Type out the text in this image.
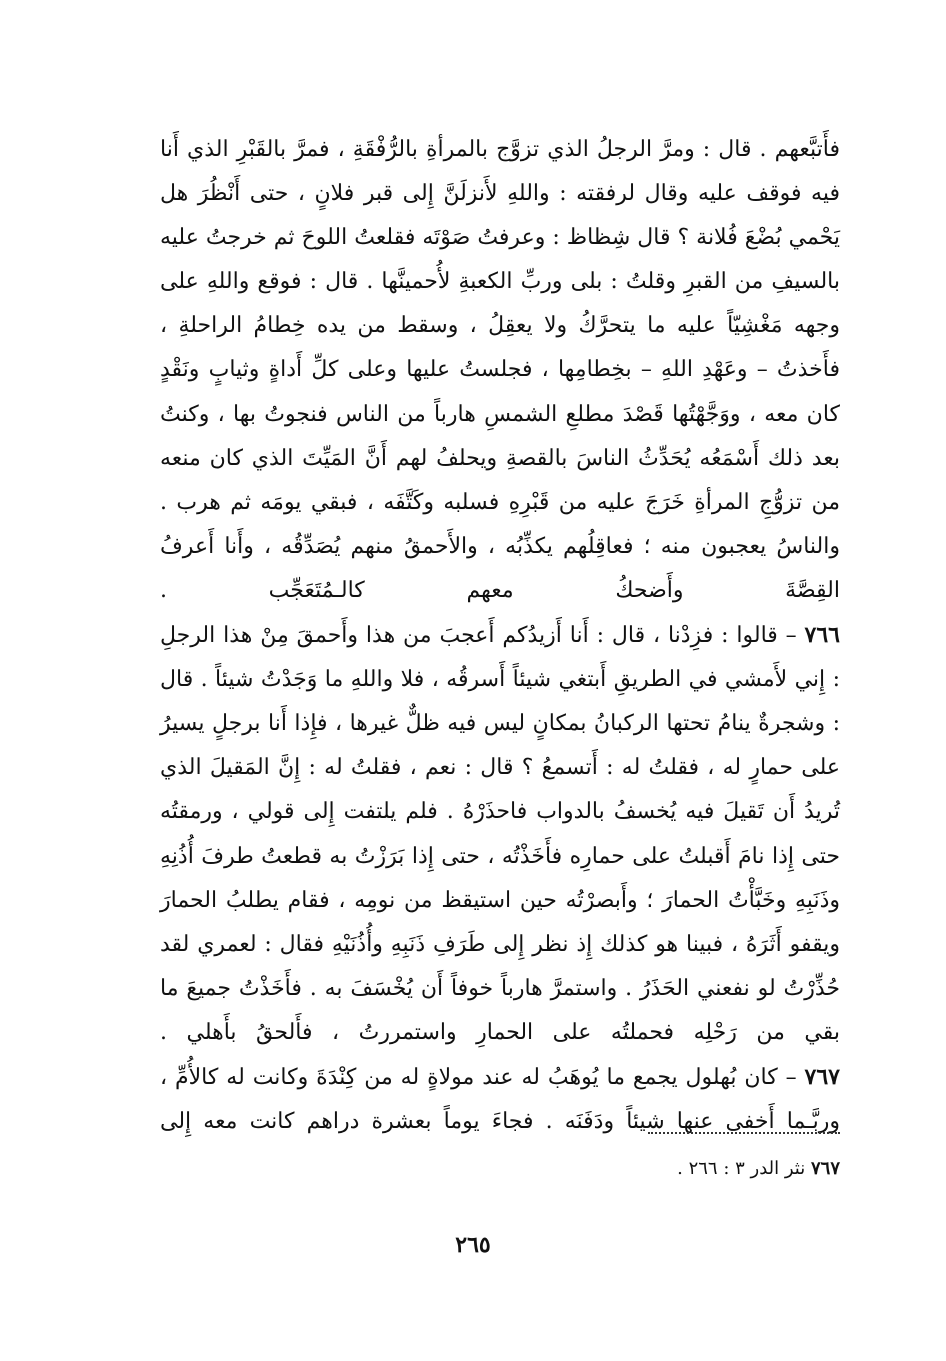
فأَتبَّعهم . قال : ومرَّ الرجلُ الذي تزوَّج بالمرأةِ بالرُّفْقَةِ ، فمرَّ بالقَبْرِ الذي أَنا فيه فوقف عليه وقال لرفقته : واللهِ لأَنزلَنَّ إِلى قبر فلانٍ ، حتى أَنْظُرَ هل يَحْمي بُضْعَ فُلانة ؟ قال شِظاظ : وعرفتُ صَوْتَه فقلعتُ اللوحَ ثم خرجتُ عليه بالسيفِ من القبرِ وقلتُ : بلى وربِّ الكعبةِ لأُحمينَّها . قال : فوقع واللهِ على وجهه مَغْشِيّاً عليه ما يتحرَّكُ ولا يعقِلُ ، وسقط من يده خِطامُ الراحلةِ ، فأَخذتُ – وعَهْدِ اللهِ – بخِطامِها ، فجلستُ عليها وعلى كلِّ أَداةٍ وثيابٍ ونَقْدٍ كان معه ، ووَجَّهْتُها قَصْدَ مطلعِ الشمسِ هارباً من الناس فنجوتُ بها ، وكنتُ بعد ذلك أَسْمَعُه يُحَدِّثُ الناسَ بالقصةِ ويحلفُ لهم أَنَّ المَيِّتَ الذي كان منعه من تزوُّجِ المرأةِ خَرَجَ عليه من قَبْرِهِ فسلبه وكَتَّفَه ، فبقي يومَه ثم هرب . والناسُ يعجبون منه ؛ فعاقِلُهم يكذِّبُه ، والأَحمقُ منهم يُصَدِّقُه ، وأَنا أَعرفُ القِصَّةَ وأَضحكُ معهم كالـمُتَعَجِّب .

٧٦٦ – قالوا : فزِدْنا ، قال : أَنا أَزيدُكم أَعجبَ من هذا وأَحمقَ مِنْ هذا الرجلِ : إِني لأَمشي في الطريقِ أَبتغي شيئاً أَسرقُه ، فلا واللهِ ما وَجَدْتُ شيئاً . قال : وشجرةٌ ينامُ تحتها الركبانُ بمكانٍ ليس فيه ظلٌّ غيرها ، فإِذا أَنا برجلٍ يسيرُ على حمارٍ له ، فقلتُ له : أَتسمعُ ؟ قال : نعم ، فقلتُ له : إِنَّ المَقيلَ الذي تُريدُ أَن تَقيلَ فيه يُخسفُ بالدواب فاحذَرْهُ . فلم يلتفت إِلى قولي ، ورمقتُه حتى إِذا نامَ أَقبلتُ على حمارِه فأَخَذْتُه ، حتى إِذا بَرَزْتُ به قطعتُ طرفَ أُذُنِهِ وذَنَبِهِ وخَبَّأْتُ الحمارَ ؛ وأَبصرْتُه حين استيقظ من نومِه ، فقام يطلبُ الحمارَ ويقفو أَثَرَهُ ، فبينا هو كذلك إِذ نظر إِلى طَرَفِ ذَنَبِهِ وأُذُنَيْهِ فقال : لعمري لقد حُذِّرْتُ لو نفعني الحَذَرُ . واستمرَّ هارباً خوفاً أَن يُخْسَفَ به . فأَخَذْتُ جميعَ ما بقي من رَحْلِه فحملتُه على الحمارِ واستمررتُ ، فأَلحقُ بأَهلي .

٧٦٧ – كان بُهلول يجمع ما يُوهَبُ له عند مولاةٍ له من كِنْدَةَ وكانت له كالأُمِّ ، وربَّـما أَخفى عنها شيئاً ودَفَنَه . فجاءَ يوماً بعشرة دراهم كانت معه إِلى

٧٦٧ نثر الدر ٣ : ٢٦٦ .
٢٦٥
